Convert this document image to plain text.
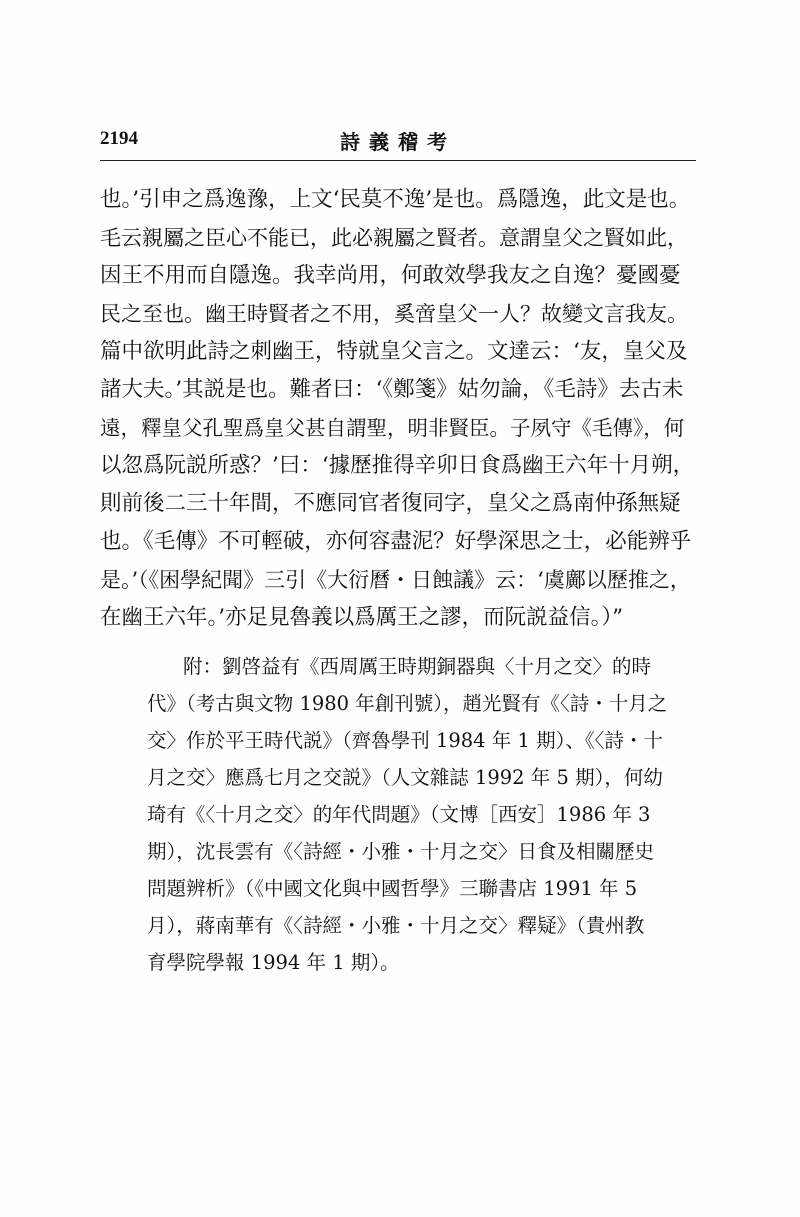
2194	詩義稽考
也。’引申之爲逸豫，上文‘民莫不逸’是也。爲隱逸，此文是也。
毛云親屬之臣心不能已，此必親屬之賢者。意謂皇父之賢如此，
因王不用而自隱逸。我幸尚用，何敢效學我友之自逸？憂國憂
民之至也。幽王時賢者之不用，奚啻皇父一人？故變文言我友。
篇中欲明此詩之刺幽王，特就皇父言之。文達云：‘友，皇父及
諸大夫。’其説是也。難者曰：‘《鄭箋》姑勿論，《毛詩》去古未
遠，釋皇父孔聖爲皇父甚自謂聖，明非賢臣。子夙守《毛傳》，何
以忽爲阮説所惑？’曰：‘據歷推得辛卯日食爲幽王六年十月朔，
則前後二三十年間，不應同官者復同字，皇父之爲南仲孫無疑
也。《毛傳》不可輕破，亦何容盡泥？好學深思之士，必能辨乎
是。’（《困學紀聞》三引《大衍曆・日蝕議》云：‘虞鄺以歷推之，
在幽王六年。’亦足見魯義以爲厲王之謬，而阮説益信。）”
附：劉啓益有《西周厲王時期銅器與〈十月之交〉的時
代》（考古與文物 1980 年創刊號），趙光賢有《〈詩・十月之
交〉作於平王時代説》（齊魯學刊 1984 年 1 期）、《〈詩・十
月之交〉應爲七月之交説》（人文雜誌 1992 年 5 期），何幼
琦有《〈十月之交〉的年代問題》（文博［西安］1986 年 3
期），沈長雲有《〈詩經・小雅・十月之交〉日食及相關歷史
問題辨析》（《中國文化與中國哲學》三聯書店 1991 年 5
月），蔣南華有《〈詩經・小雅・十月之交〉釋疑》（貴州教
育學院學報 1994 年 1 期）。
